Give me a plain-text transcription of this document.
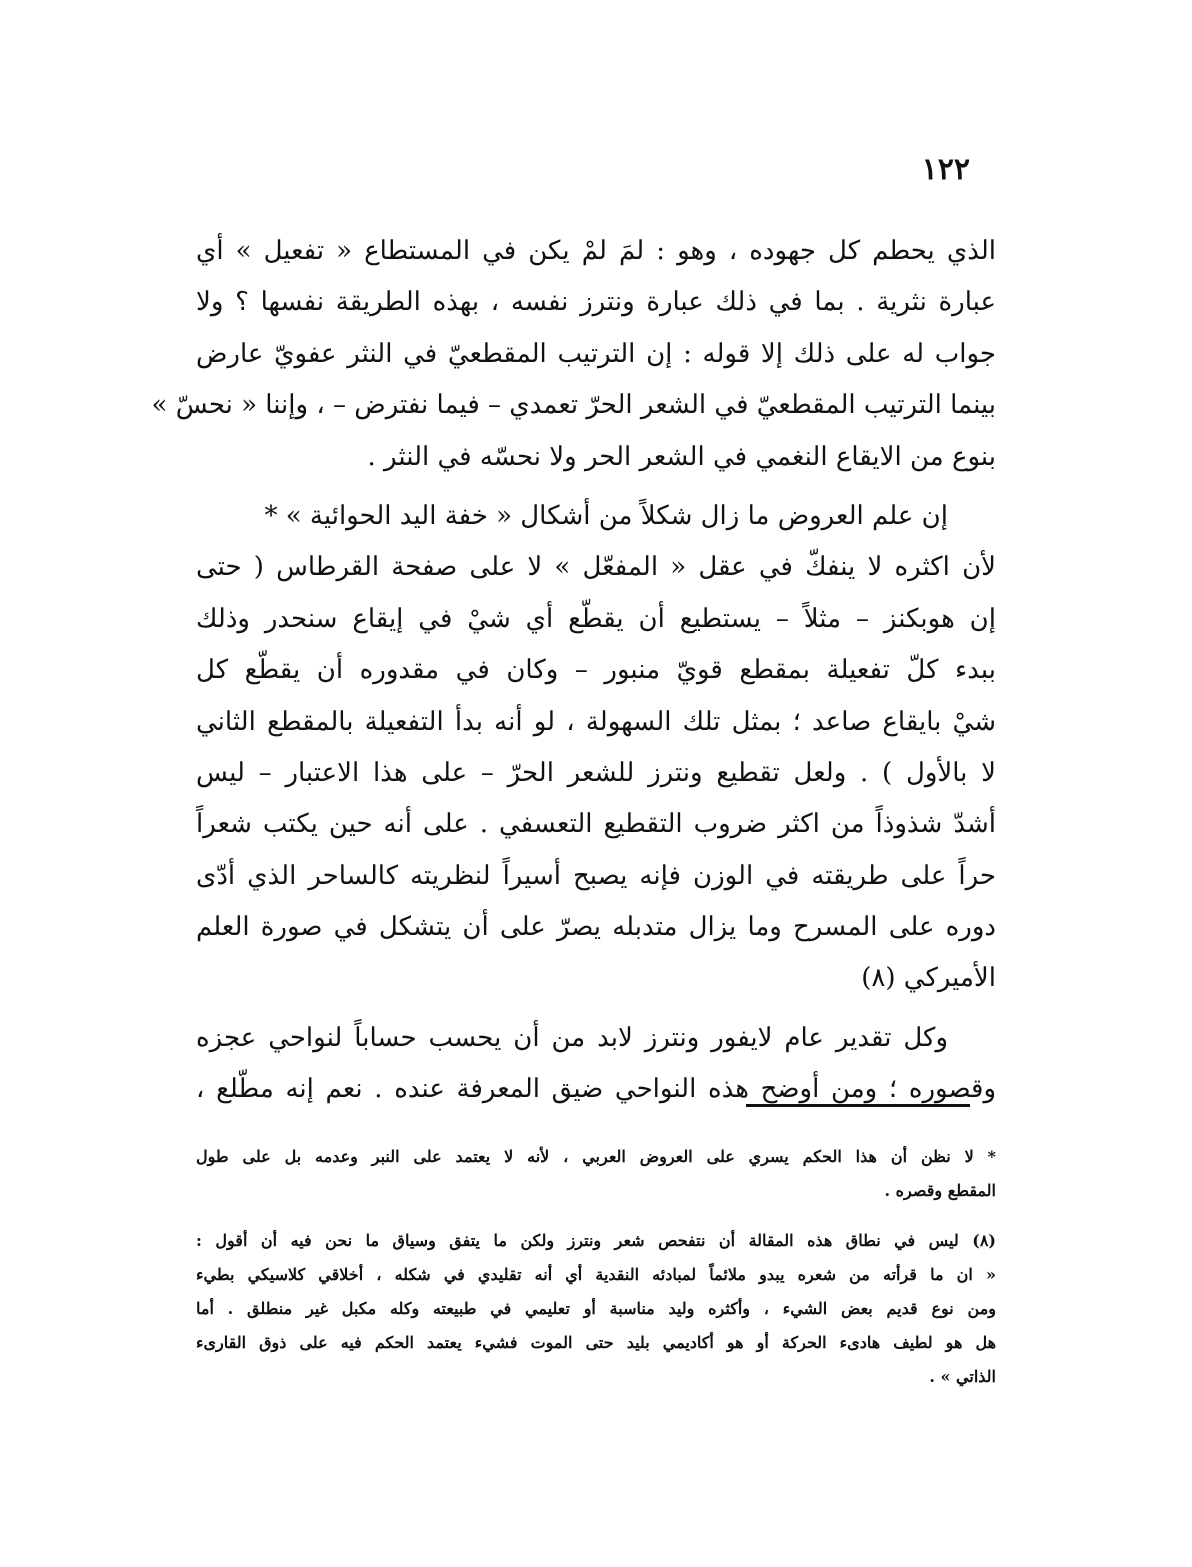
١٢٢
الذي يحطم كل جهوده ، وهو : لمَ لمْ يكن في المستطاع « تفعيل » أي
عبارة نثرية . بما في ذلك عبارة ونترز نفسه ، بهذه الطريقة نفسها ؟ ولا
جواب له على ذلك إلا قوله : إن الترتيب المقطعيّ في النثر عفويّ عارض
بينما الترتيب المقطعيّ في الشعر الحرّ تعمدي – فيما نفترض – ، وإننا « نحسّ »
بنوع من الايقاع النغمي في الشعر الحر ولا نحسّه في النثر .
إن علم العروض ما زال شكلاً من أشكال « خفة اليد الحوائية » *
لأن اكثره لا ينفكّ في عقل « المفعّل » لا على صفحة القرطاس ( حتى
إن هوبكنز – مثلاً – يستطيع أن يقطّع أي شيْ في إيقاع سنحدر وذلك
ببدء كلّ تفعيلة بمقطع قويّ منبور – وكان في مقدوره أن يقطّع كل
شيْ بايقاع صاعد ؛ بمثل تلك السهولة ، لو أنه بدأ التفعيلة بالمقطع الثاني
لا بالأول ) . ولعل تقطيع ونترز للشعر الحرّ – على هذا الاعتبار – ليس
أشدّ شذوذاً من اكثر ضروب التقطيع التعسفي . على أنه حين يكتب شعراً
حراً على طريقته في الوزن فإنه يصبح أسيراً لنظريته كالساحر الذي أدّى
دوره على المسرح وما يزال متدبله يصرّ على أن يتشكل في صورة العلم
الأميركي (٨)
وكل تقدير عام لايفور ونترز لابد من أن يحسب حساباً لنواحي عجزه
وقصوره ؛ ومن أوضح هذه النواحي ضيق المعرفة عنده . نعم إنه مطّلع ،
* لا نظن أن هذا الحكم يسري على العروض العربي ، لأنه لا يعتمد على النبر وعدمه بل على طول
المقطع وقصره .
(٨) ليس في نطاق هذه المقالة أن نتفحص شعر ونترز ولكن ما يتفق وسياق ما نحن فيه أن أقول :
« ان ما قرأته من شعره يبدو ملائماً لمبادئه النقدية أي أنه تقليدي في شكله ، أخلاقي كلاسيكي بطيء
ومن نوع قديم بعض الشيء ، وأكثره وليد مناسبة أو تعليمي في طبيعته وكله مكبل غير منطلق . أما
هل هو لطيف هادىء الحركة أو هو أكاديمي بليد حتى الموت فشيء يعتمد الحكم فيه على ذوق القارىء
الذاتي » .
